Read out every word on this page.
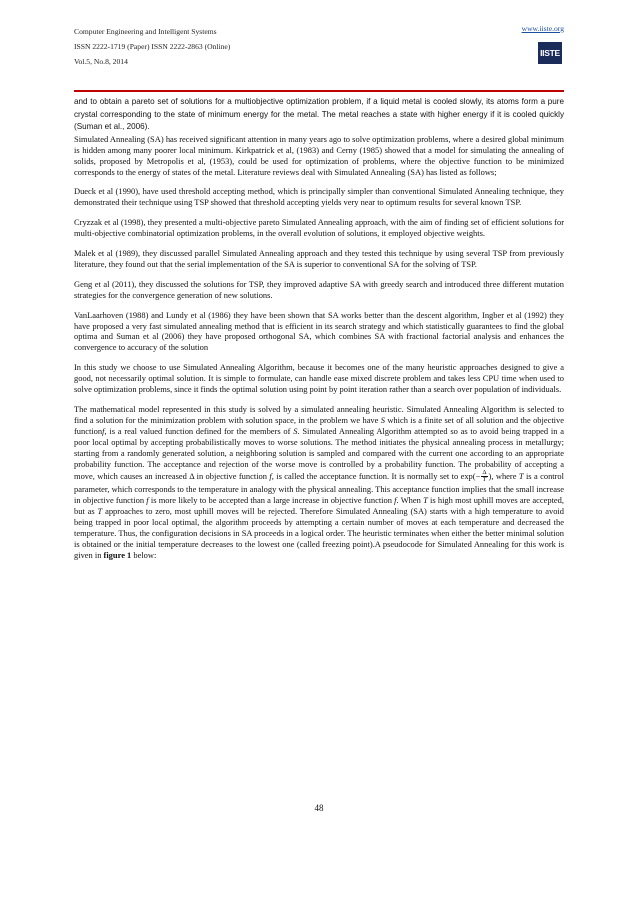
Computer Engineering and Intelligent Systems
ISSN 2222-1719 (Paper) ISSN 2222-2863 (Online)
Vol.5, No.8, 2014
www.iiste.org
IISTE

and to obtain a pareto set of solutions for a multiobjective optimization problem, if a liquid metal is cooled slowly, its atoms form a pure crystal corresponding to the state of minimum energy for the metal. The metal reaches a state with higher energy if it is cooled quickly (Suman et al., 2006).

Simulated Annealing (SA) has received significant attention in many years ago to solve optimization problems, where a desired global minimum is hidden among many poorer local minimum. Kirkpatrick et al, (1983) and Cerny (1985) showed that a model for simulating the annealing of solids, proposed by Metropolis et al, (1953), could be used for optimization of problems, where the objective function to be minimized corresponds to the energy of states of the metal. Literature reviews deal with Simulated Annealing (SA) has listed as follows;

Dueck et al (1990), have used threshold accepting method, which is principally simpler than conventional Simulated Annealing technique, they demonstrated their technique using TSP showed that threshold accepting yields very near to optimum results for several known TSP.

Cryzzak et al (1998), they presented a multi-objective pareto Simulated Annealing approach, with the aim of finding set of efficient solutions for multi-objective combinatorial optimization problems, in the overall evolution of solutions, it employed objective weights.

Malek et al (1989), they discussed parallel Simulated Annealing approach and they tested this technique by using several TSP from previously literature, they found out that the serial implementation of the SA is superior to conventional SA for the solving of TSP.

Geng et al (2011), they discussed the solutions for TSP, they improved adaptive SA with greedy search and introduced three different mutation strategies for the convergence generation of new solutions.

VanLaarhoven (1988) and Lundy et al (1986) they have been shown that SA works better than the descent algorithm, Ingber et al (1992) they have proposed a very fast simulated annealing method that is efficient in its search strategy and which statistically guarantees to find the global optima and Suman et al (2006) they have proposed orthogonal SA, which combines SA with fractional factorial analysis and enhances the convergence to accuracy of the solution

In this study we choose to use Simulated Annealing Algorithm, because it becomes one of the many heuristic approaches designed to give a good, not necessarily optimal solution. It is simple to formulate, can handle ease mixed discrete problem and takes less CPU time when used to solve optimization problems, since it finds the optimal solution using point by point iteration rather than a search over population of individuals.

The mathematical model represented in this study is solved by a simulated annealing heuristic. Simulated Annealing Algorithm is selected to find a solution for the minimization problem with solution space, in the problem we have S which is a finite set of all solution and the objective functionf, is a real valued function defined for the members of S. Simulated Annealing Algorithm attempted so as to avoid being trapped in a poor local optimal by accepting probabilistically moves to worse solutions. The method initiates the physical annealing process in metallurgy; starting from a randomly generated solution, a neighboring solution is sampled and compared with the current one according to an appropriate probability function. The acceptance and rejection of the worse move is controlled by a probability function. The probability of accepting a move, which causes an increased Δ in objective function f, is called the acceptance function. It is normally set to $\exp(- \frac{\Delta}{T}$ ), where T is a control parameter, which corresponds to the temperature in analogy with the physical annealing. This acceptance function implies that the small increase in objective function f is more likely to be accepted than a large increase in objective function f. When T is high most uphill moves are accepted, but as T approaches to zero, most uphill moves will be rejected. Therefore Simulated Annealing (SA) starts with a high temperature to avoid being trapped in poor local optimal, the algorithm proceeds by attempting a certain number of moves at each temperature and decreased the temperature. Thus, the configuration decisions in SA proceeds in a logical order. The heuristic terminates when either the better minimal solution is obtained or the initial temperature decreases to the lowest one (called freezing point).A pseudocode for Simulated Annealing for this work is given in figure 1 below:

48
